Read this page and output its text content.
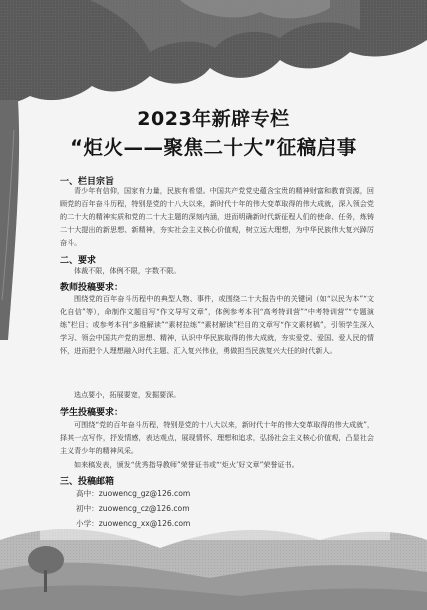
2023年新辟专栏
“炬火——聚焦二十大”征稿启事
一、栏目宗旨
青少年有信仰，国家有力量，民族有希望。中国共产党党史蕴含宝贵的精神财富和教育资源，回顾党的百年奋斗历程，特别是党的十八大以来，新时代十年的伟大变革取得的伟大成就，深入领会党的二十大的精神实质和党的二十大主题的深刻内涵，进而明确新时代新征程人们的使命、任务，炼铸二十大提出的新思想、新精神，夯实社会主义核心价值观，树立远大理想，为中华民族伟大复兴踔厉奋斗。
二、要求
体裁不限，体例不限，字数不限。
教师投稿要求：
围绕党的百年奋斗历程中的典型人物、事件，或围绕二十大报告中的关键词（如“以民为本”“文化自信”等），命制作文题目写“作文导写文章”，体例参考本刊“高考特训营”“中考特训营”“专题演练”栏目；或参考本刊“多维解读”“素材拉练”“素材解读”栏目的文章写“作文素材稿”，引领学生深入学习、领会中国共产党的思想、精神，认识中华民族取得的伟大成就，夯实爱党、爱国、爱人民的情怀，进而把个人理想融入时代主题、汇入复兴伟业，勇做担当民族复兴大任的时代新人。
选点要小，拓展要宽，发掘要深。
学生投稿要求：
可围绕“党的百年奋斗历程，特别是党的十八大以来，新时代十年的伟大变革取得的伟大成就”，择其一点写作，抒发情感，表达观点，展现情怀、理想和追求，弘扬社会主义核心价值观，凸显社会主义青少年的精神风采。
如来稿发表，颁发“优秀指导教师”荣誉证书或“‘炬火’好文章”荣誉证书。
三、投稿邮箱
高中：zuowencg_gz@126.com
初中：zuowencg_cz@126.com
小学：zuowencg_xx@126.com
